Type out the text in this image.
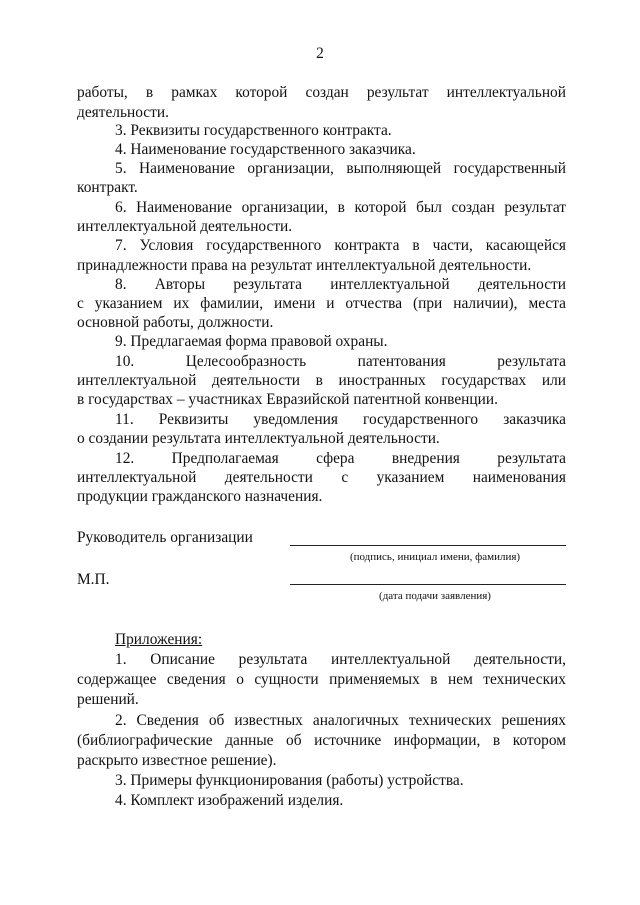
2
работы, в рамках которой создан результат интеллектуальной
деятельности.
3. Реквизиты государственного контракта.
4. Наименование государственного заказчика.
5. Наименование организации, выполняющей государственный
контракт.
6. Наименование организации, в которой был создан результат
интеллектуальной деятельности.
7. Условия государственного контракта в части, касающейся
принадлежности права на результат интеллектуальной деятельности.
8. Авторы результата интеллектуальной деятельности
с указанием их фамилии, имени и отчества (при наличии), места
основной работы, должности.
9. Предлагаемая форма правовой охраны.
10. Целесообразность патентования результата
интеллектуальной деятельности в иностранных государствах или
в государствах – участниках Евразийской патентной конвенции.
11. Реквизиты уведомления государственного заказчика
о создании результата интеллектуальной деятельности.
12. Предполагаемая сфера внедрения результата
интеллектуальной деятельности с указанием наименования
продукции гражданского назначения.
Руководитель организации
(подпись, инициал имени, фамилия)
М.П.
(дата подачи заявления)
Приложения:
1. Описание результата интеллектуальной деятельности,
содержащее сведения о сущности применяемых в нем технических
решений.
2. Сведения об известных аналогичных технических решениях
(библиографические данные об источнике информации, в котором
раскрыто известное решение).
3. Примеры функционирования (работы) устройства.
4. Комплект изображений изделия.
